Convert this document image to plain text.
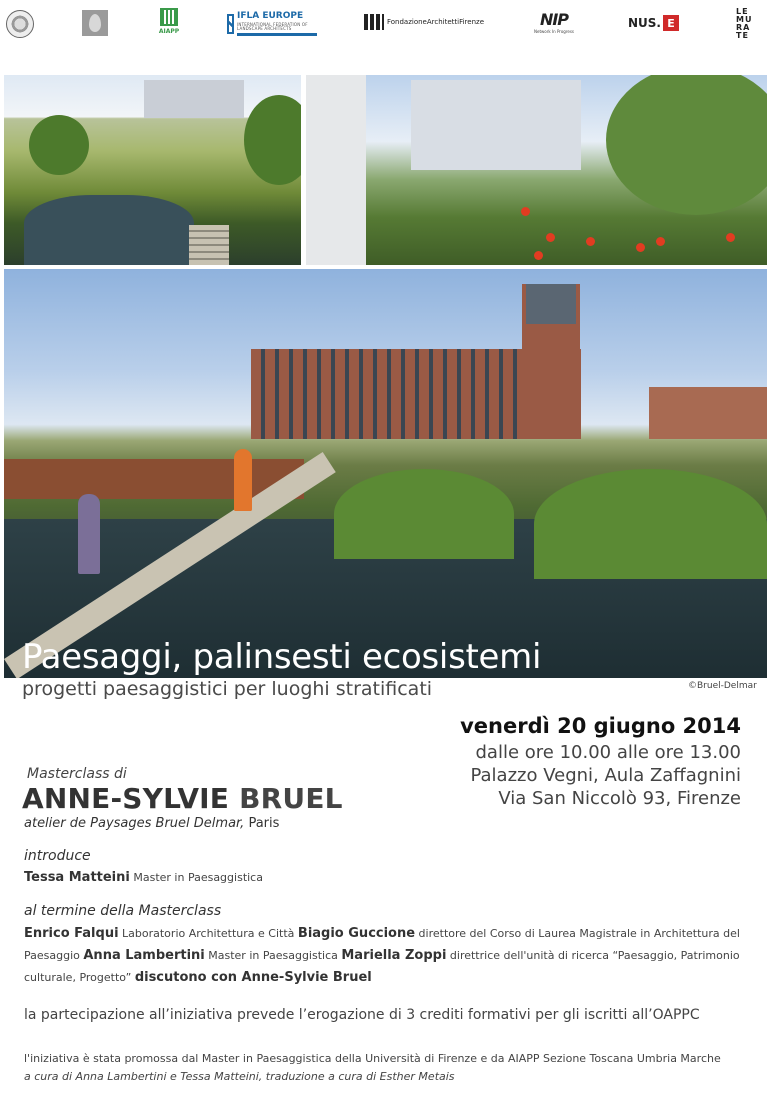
AIAPP
IFLA EUROPE
INTERNATIONAL FEDERATION OF LANDSCAPE ARCHITECTS
FondazioneArchitettiFirenze	NIP
Network In Progress
NUS. E
LE
MU
RA
TE
Paesaggi, palinsesti ecosistemi
progetti paesaggistici per luoghi stratificati	©Bruel-Delmar
venerdì 20 giugno 2014
dalle ore 10.00 alle ore 13.00
Palazzo Vegni, Aula Zaffagnini
Via San Niccolò 93, Firenze
Masterclass di
ANNE-SYLVIE BRUEL
atelier de Paysages Bruel Delmar, Paris
introduce
Tessa Matteini Master in Paesaggistica
al termine della Masterclass
Enrico Falqui Laboratorio Architettura e Città Biagio Guccione direttore del Corso di Laurea Magistrale in Architettura del Paesaggio Anna Lambertini Master in Paesaggistica Mariella Zoppi direttrice dell'unità di ricerca “Paesaggio, Patrimonio culturale, Progetto” discutono con Anne-Sylvie Bruel
la partecipazione all’iniziativa prevede l’erogazione di 3 crediti formativi per gli iscritti all’OAPPC
l'iniziativa è stata promossa dal Master in Paesaggistica della Università di Firenze e da AIAPP Sezione Toscana Umbria Marche
a cura di Anna Lambertini e Tessa Matteini, traduzione a cura di Esther Metais
